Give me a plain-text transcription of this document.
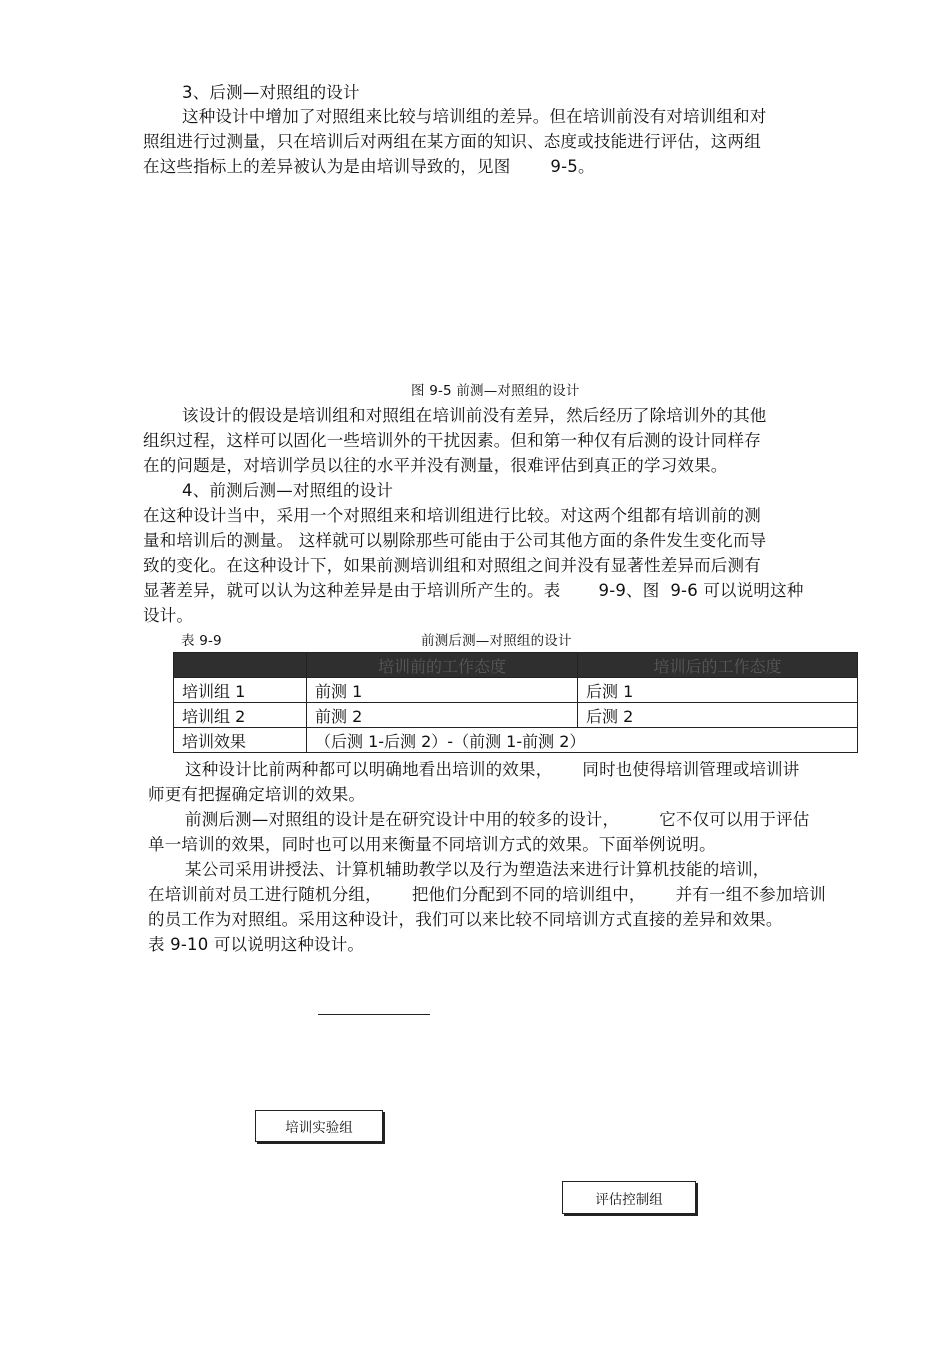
3、后测—对照组的设计
这种设计中增加了对照组来比较与培训组的差异。但在培训前没有对培训组和对
照组进行过测量，只在培训后对两组在某方面的知识、态度或技能进行评估，这两组
在这些指标上的差异被认为是由培训导致的，见图 9-5。
图 9-5 前测—对照组的设计
该设计的假设是培训组和对照组在培训前没有差异，然后经历了除培训外的其他
组织过程，这样可以固化一些培训外的干扰因素。但和第一种仅有后测的设计同样存
在的问题是，对培训学员以往的水平并没有测量，很难评估到真正的学习效果。
4、前测后测—对照组的设计
在这种设计当中，采用一个对照组来和培训组进行比较。对这两个组都有培训前的测
量和培训后的测量。 这样就可以剔除那些可能由于公司其他方面的条件发生变化而导
致的变化。在这种设计下，如果前测培训组和对照组之间并没有显著性差异而后测有
显著差异，就可以认为这种差异是由于培训所产生的。表 9-9、图  9-6 可以说明这种
设计。
表 9-9	前测后测—对照组的设计
	培训前的工作态度	培训后的工作态度
培训组 1	前测 1	后测 1
培训组 2	前测 2	后测 2
培训效果	（后测 1-后测 2）-（前测 1-前测 2）	
这种设计比前两种都可以明确地看出培训的效果， 同时也使得培训管理或培训讲
师更有把握确定培训的效果。
前测后测—对照组的设计是在研究设计中用的较多的设计， 它不仅可以用于评估
单一培训的效果，同时也可以用来衡量不同培训方式的效果。下面举例说明。
某公司采用讲授法、计算机辅助教学以及行为塑造法来进行计算机技能的培训，
在培训前对员工进行随机分组， 把他们分配到不同的培训组中， 并有一组不参加培训
的员工作为对照组。采用这种设计，我们可以来比较不同培训方式直接的差异和效果。
表 9-10 可以说明这种设计。
培训实验组
评估控制组
